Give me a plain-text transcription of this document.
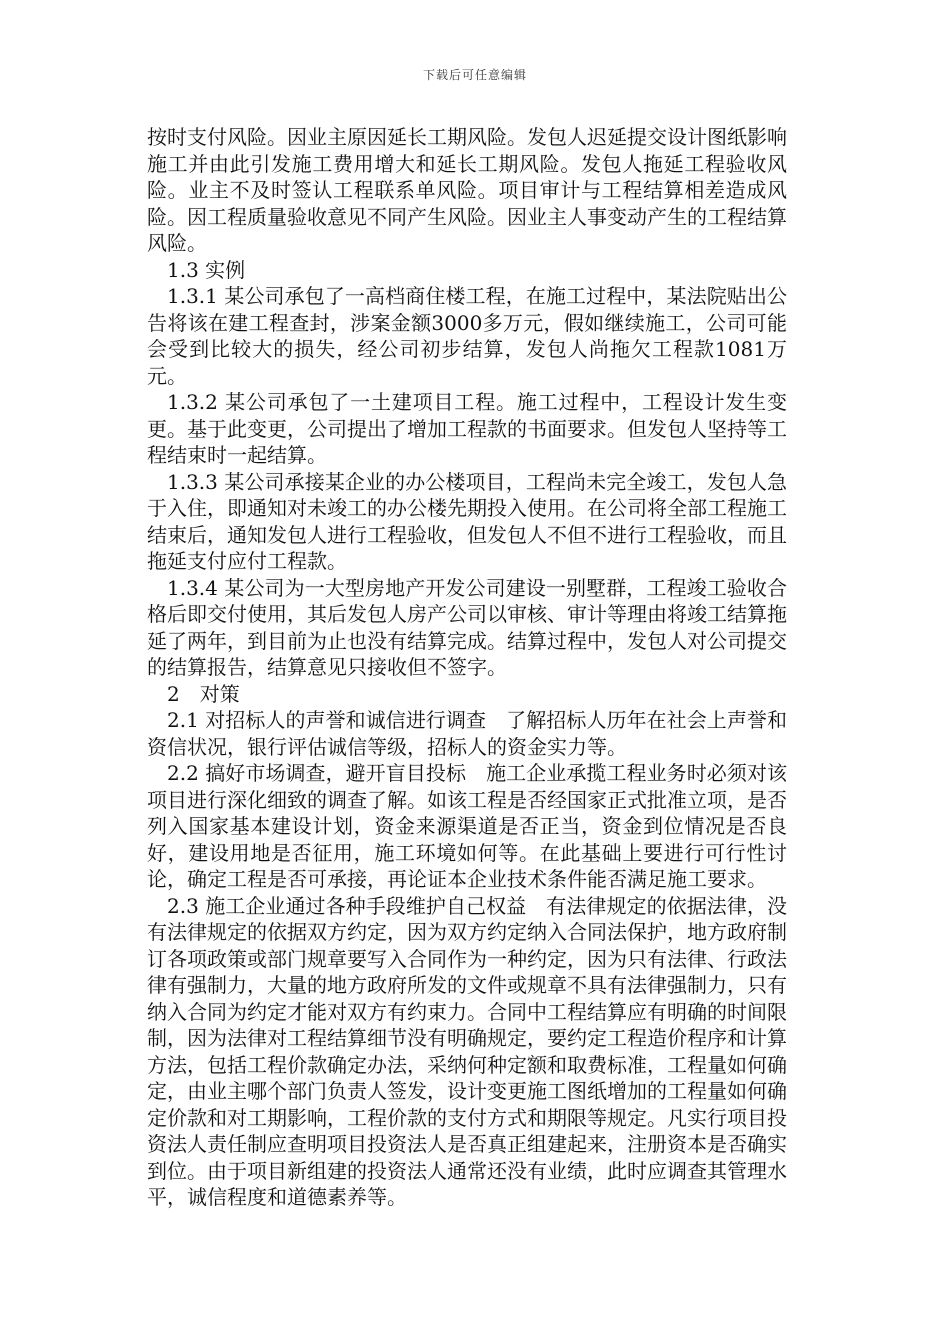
下载后可任意编辑

按时支付风险。因业主原因延长工期风险。发包人迟延提交设计图纸影响施工并由此引发施工费用增大和延长工期风险。发包人拖延工程验收风险。业主不及时签认工程联系单风险。项目审计与工程结算相差造成风险。因工程质量验收意见不同产生风险。因业主人事变动产生的工程结算风险。

1.3 实例

1.3.1 某公司承包了一高档商住楼工程，在施工过程中，某法院贴出公告将该在建工程查封，涉案金额3000多万元，假如继续施工，公司可能会受到比较大的损失，经公司初步结算，发包人尚拖欠工程款1081万元。

1.3.2 某公司承包了一土建项目工程。施工过程中，工程设计发生变更。基于此变更，公司提出了增加工程款的书面要求。但发包人坚持等工程结束时一起结算。

1.3.3 某公司承接某企业的办公楼项目，工程尚未完全竣工，发包人急于入住，即通知对未竣工的办公楼先期投入使用。在公司将全部工程施工结束后，通知发包人进行工程验收，但发包人不但不进行工程验收，而且拖延支付应付工程款。

1.3.4 某公司为一大型房地产开发公司建设一别墅群，工程竣工验收合格后即交付使用，其后发包人房产公司以审核、审计等理由将竣工结算拖延了两年，到目前为止也没有结算完成。结算过程中，发包人对公司提交的结算报告，结算意见只接收但不签字。

2　对策

2.1 对招标人的声誉和诚信进行调查　了解招标人历年在社会上声誉和资信状况，银行评估诚信等级，招标人的资金实力等。

2.2 搞好市场调查，避开盲目投标　施工企业承揽工程业务时必须对该项目进行深化细致的调查了解。如该工程是否经国家正式批准立项，是否列入国家基本建设计划，资金来源渠道是否正当，资金到位情况是否良好，建设用地是否征用，施工环境如何等。在此基础上要进行可行性讨论，确定工程是否可承接，再论证本企业技术条件能否满足施工要求。

2.3 施工企业通过各种手段维护自己权益　有法律规定的依据法律，没有法律规定的依据双方约定，因为双方约定纳入合同法保护，地方政府制订各项政策或部门规章要写入合同作为一种约定，因为只有法律、行政法律有强制力，大量的地方政府所发的文件或规章不具有法律强制力，只有纳入合同为约定才能对双方有约束力。合同中工程结算应有明确的时间限制，因为法律对工程结算细节没有明确规定，要约定工程造价程序和计算方法，包括工程价款确定办法，采纳何种定额和取费标准，工程量如何确定，由业主哪个部门负责人签发，设计变更施工图纸增加的工程量如何确定价款和对工期影响，工程价款的支付方式和期限等规定。凡实行项目投资法人责任制应查明项目投资法人是否真正组建起来，注册资本是否确实到位。由于项目新组建的投资法人通常还没有业绩，此时应调查其管理水平，诚信程度和道德素养等。
